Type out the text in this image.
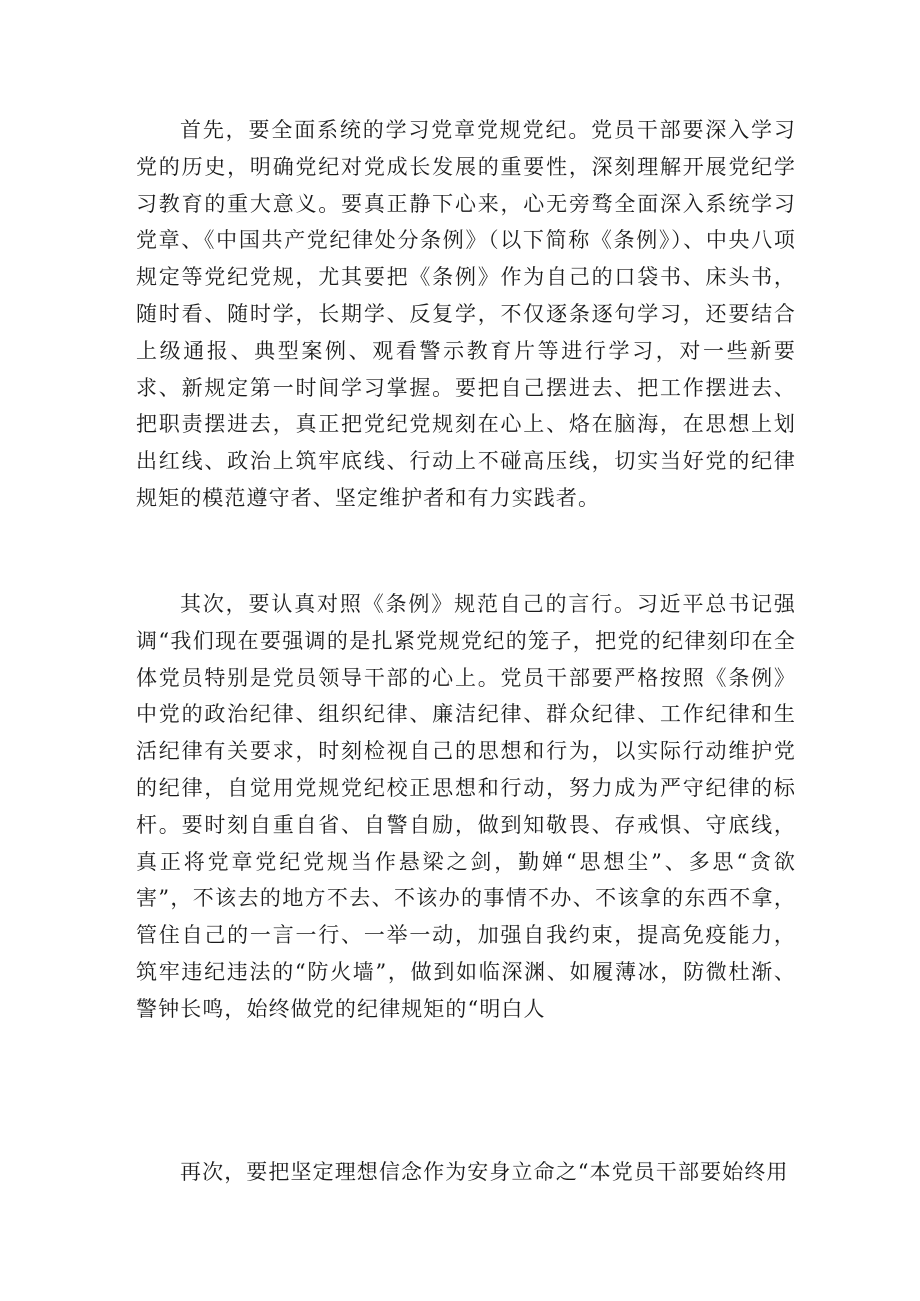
首先，要全面系统的学习党章党规党纪。党员干部要深入学习党的历史，明确党纪对党成长发展的重要性，深刻理解开展党纪学习教育的重大意义。要真正静下心来，心无旁骛全面深入系统学习党章、《中国共产党纪律处分条例》（以下简称《条例》）、中央八项规定等党纪党规，尤其要把《条例》作为自己的口袋书、床头书，随时看、随时学，长期学、反复学，不仅逐条逐句学习，还要结合上级通报、典型案例、观看警示教育片等进行学习，对一些新要求、新规定第一时间学习掌握。要把自己摆进去、把工作摆进去、把职责摆进去，真正把党纪党规刻在心上、烙在脑海，在思想上划出红线、政治上筑牢底线、行动上不碰高压线，切实当好党的纪律规矩的模范遵守者、坚定维护者和有力实践者。

其次，要认真对照《条例》规范自己的言行。习近平总书记强调“我们现在要强调的是扎紧党规党纪的笼子，把党的纪律刻印在全体党员特别是党员领导干部的心上。党员干部要严格按照《条例》中党的政治纪律、组织纪律、廉洁纪律、群众纪律、工作纪律和生活纪律有关要求，时刻检视自己的思想和行为，以实际行动维护党的纪律，自觉用党规党纪校正思想和行动，努力成为严守纪律的标杆。要时刻自重自省、自警自励，做到知敬畏、存戒惧、守底线，真正将党章党纪党规当作悬梁之剑，勤婵“思想尘”、多思“贪欲害”，不该去的地方不去、不该办的事情不办、不该拿的东西不拿，管住自己的一言一行、一举一动，加强自我约束，提高免疫能力，筑牢违纪违法的“防火墙”，做到如临深渊、如履薄冰，防微杜渐、警钟长鸣，始终做党的纪律规矩的“明白人

再次，要把坚定理想信念作为安身立命之“本党员干部要始终用
